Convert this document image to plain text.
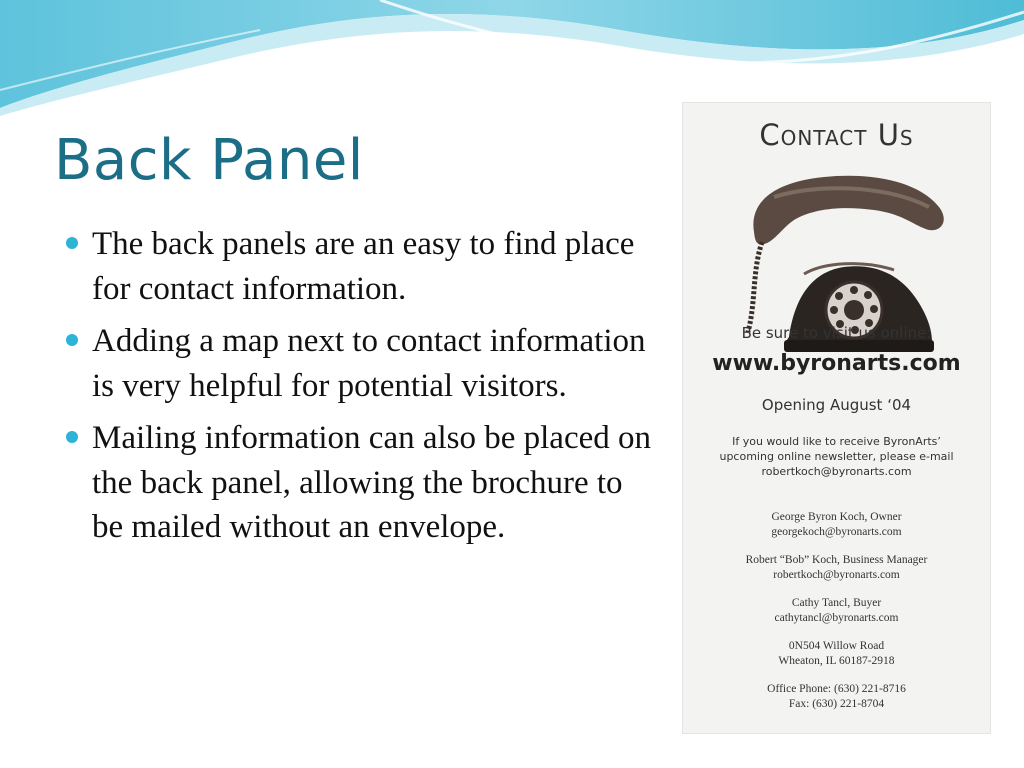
Back Panel
The back panels are an easy to find place for contact information.
Adding a map next to contact information is very helpful for potential visitors.
Mailing information can also be placed on the back panel, allowing the brochure to be mailed without an envelope.
Contact Us
Be sure to visit us online:
www.byronarts.com
Opening August ‘04
If you would like to receive ByronArts’
upcoming online newsletter, please e-mail
robertkoch@byronarts.com
George Byron Koch, Owner
georgekoch@byronarts.com
Robert “Bob” Koch, Business Manager
robertkoch@byronarts.com
Cathy Tancl, Buyer
cathytancl@byronarts.com
0N504 Willow Road
Wheaton, IL 60187-2918
Office Phone: (630) 221-8716
Fax: (630) 221-8704
